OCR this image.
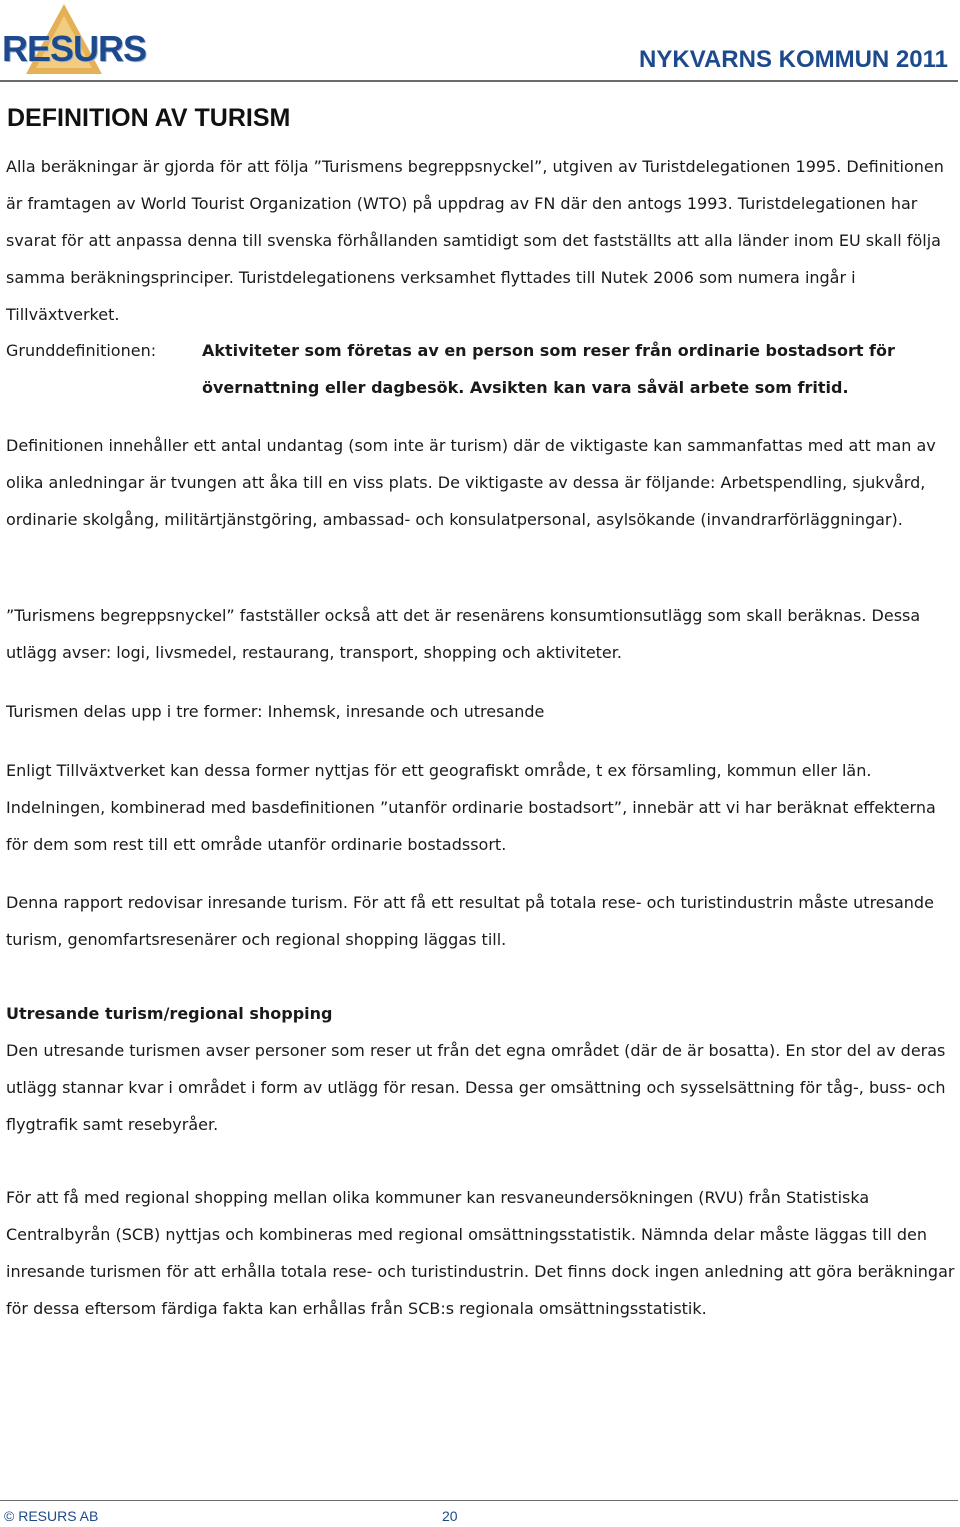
RESURS	NYKVARNS KOMMUN 2011
DEFINITION AV TURISM

Alla beräkningar är gjorda för att följa ”Turismens begreppsnyckel”, utgiven av Turistdelegationen 1995. Definitionen är framtagen av World Tourist Organization (WTO) på uppdrag av FN där den antogs 1993. Turistdelegationen har svarat för att anpassa denna till svenska förhållanden samtidigt som det fastställts att alla länder inom EU skall följa samma beräkningsprinciper. Turistdelegationens verksamhet flyttades till Nutek 2006 som numera ingår i Tillväxtverket.

Grunddefinitionen:	Aktiviteter som företas av en person som reser från ordinarie bostadsort för övernattning eller dagbesök. Avsikten kan vara såväl arbete som fritid.

Definitionen innehåller ett antal undantag (som inte är turism) där de viktigaste kan sammanfattas med att man av olika anledningar är tvungen att åka till en viss plats. De viktigaste av dessa är följande: Arbetspendling, sjukvård, ordinarie skolgång, militärtjänstgöring, ambassad- och konsulatpersonal, asylsökande (invandrarförläggningar).

”Turismens begreppsnyckel” fastställer också att det är resenärens konsumtionsutlägg som skall beräknas. Dessa utlägg avser: logi, livsmedel, restaurang, transport, shopping och aktiviteter.

Turismen delas upp i tre former: Inhemsk, inresande och utresande

Enligt Tillväxtverket kan dessa former nyttjas för ett geografiskt område, t ex församling, kommun eller län. Indelningen, kombinerad med basdefinitionen ”utanför ordinarie bostadsort”, innebär att vi har beräknat effekterna för dem som rest till ett område utanför ordinarie bostadssort.

Denna rapport redovisar inresande turism. För att få ett resultat på totala rese- och turistindustrin måste utresande turism, genomfartsresenärer och regional shopping läggas till.

Utresande turism/regional shopping

Den utresande turismen avser personer som reser ut från det egna området (där de är bosatta). En stor del av deras utlägg stannar kvar i området i form av utlägg för resan. Dessa ger omsättning och sysselsättning för tåg-, buss- och flygtrafik samt resebyråer.

För att få med regional shopping mellan olika kommuner kan resvaneundersökningen (RVU) från Statistiska Centralbyrån (SCB) nyttjas och kombineras med regional omsättningsstatistik. Nämnda delar måste läggas till den inresande turismen för att erhålla totala rese- och turistindustrin. Det finns dock ingen anledning att göra beräkningar för dessa eftersom färdiga fakta kan erhållas från SCB:s regionala omsättningsstatistik.

© RESURS AB	20
